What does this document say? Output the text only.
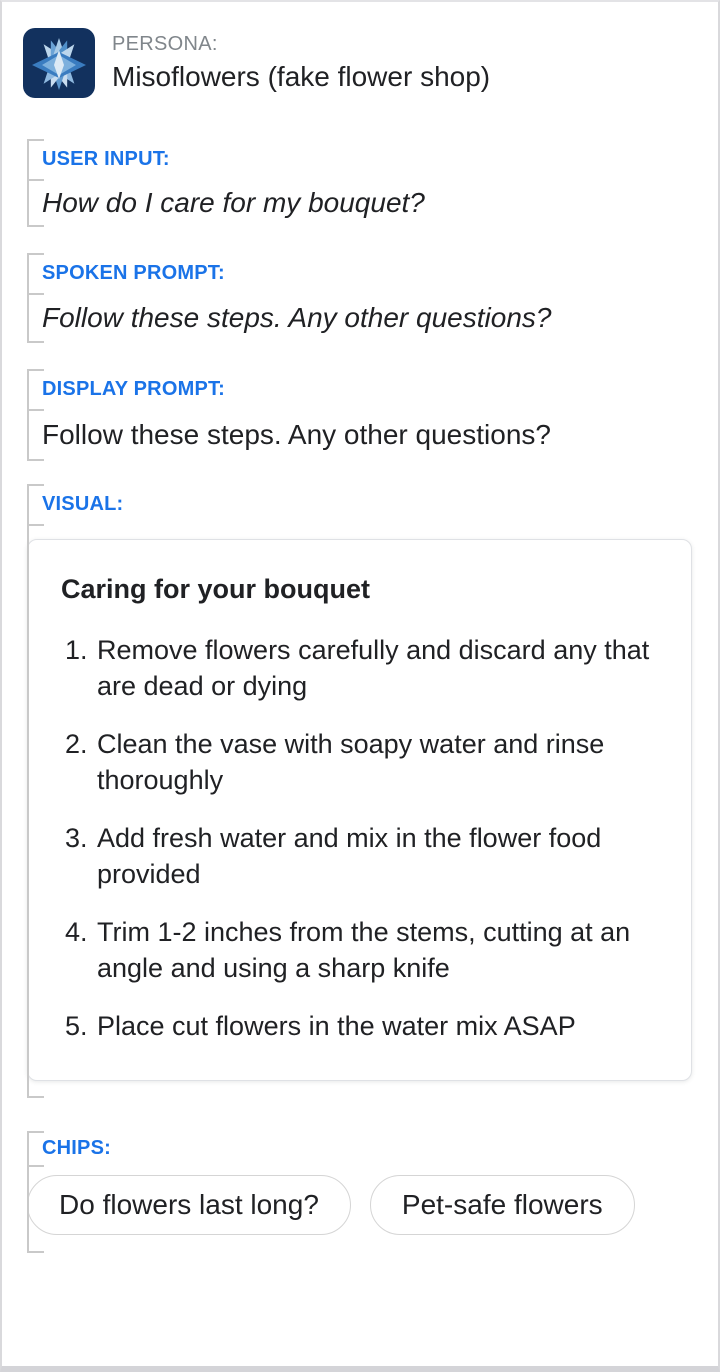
PERSONA:
Misoflowers (fake flower shop)
USER INPUT:
How do I care for my bouquet?
SPOKEN PROMPT:
Follow these steps. Any other questions?
DISPLAY PROMPT:
Follow these steps. Any other questions?
VISUAL:
Caring for your bouquet
1. Remove flowers carefully and discard any that are dead or dying
2. Clean the vase with soapy water and rinse thoroughly
3. Add fresh water and mix in the flower food provided
4. Trim 1-2 inches from the stems, cutting at an angle and using a sharp knife
5. Place cut flowers in the water mix ASAP
CHIPS:
Do flowers last long?	Pet-safe flowers
